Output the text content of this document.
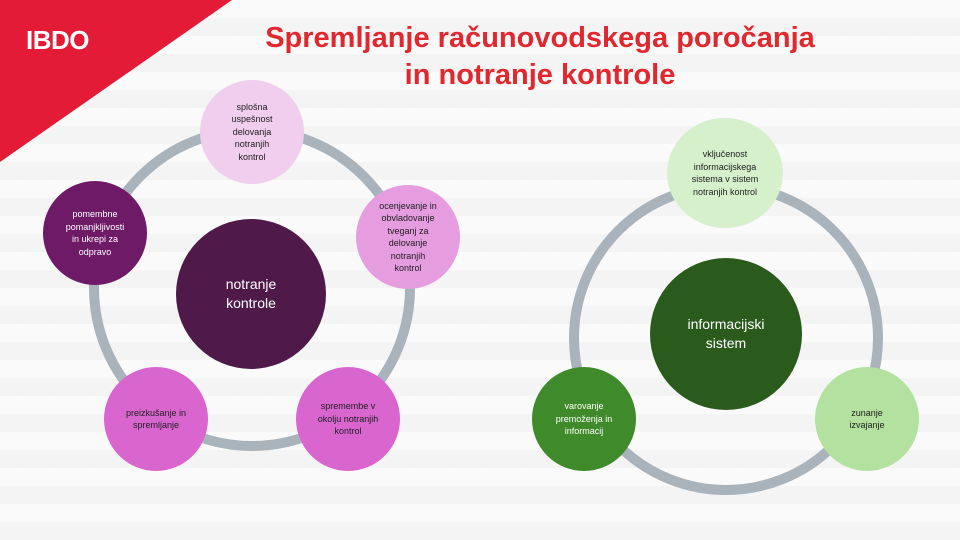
IBDO	Spremljanje računovodskega poročanja
in notranje kontrole
notranje
kontrole
splošna
uspešnost
delovanja
notranjih
kontrol
ocenjevanje in
obvladovanje
tveganj za
delovanje
notranjih
kontrol
spremembe v
okolju notranjih
kontrol
preizkušanje in
spremljanje
pomembne
pomanjkljivosti
in ukrepi za
odpravo
informacijski
sistem
vključenost
informacijskega
sistema v sistem
notranjih kontrol
zunanje
izvajanje
varovanje
premoženja in
informacij
